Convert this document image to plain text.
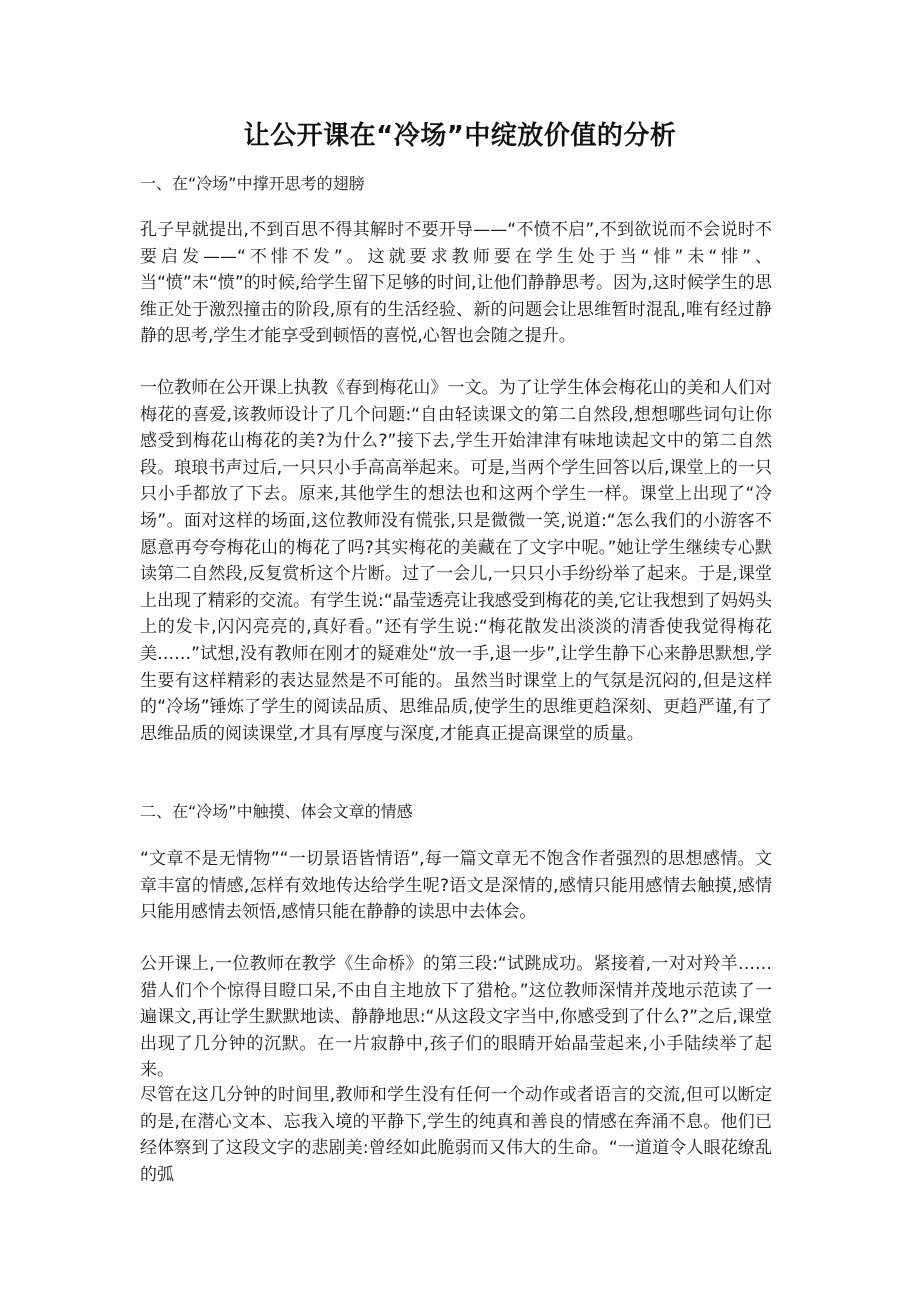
让公开课在“冷场”中绽放价值的分析

一、在“冷场”中撑开思考的翅膀

孔子早就提出,不到百思不得其解时不要开导——“不愤不启”,不到欲说而不会说时不要启发——“不悱不发”。这就要求教师要在学生处于当“悱”未“悱”、当“愤”未“愤”的时候,给学生留下足够的时间,让他们静静思考。因为,这时候学生的思维正处于激烈撞击的阶段,原有的生活经验、新的问题会让思维暂时混乱,唯有经过静静的思考,学生才能享受到顿悟的喜悦,心智也会随之提升。

一位教师在公开课上执教《春到梅花山》一文。为了让学生体会梅花山的美和人们对梅花的喜爱,该教师设计了几个问题:“自由轻读课文的第二自然段,想想哪些词句让你感受到梅花山梅花的美?为什么?”接下去,学生开始津津有味地读起文中的第二自然段。琅琅书声过后,一只只小手高高举起来。可是,当两个学生回答以后,课堂上的一只只小手都放了下去。原来,其他学生的想法也和这两个学生一样。课堂上出现了“冷场”。面对这样的场面,这位教师没有慌张,只是微微一笑,说道:“怎么我们的小游客不愿意再夸夸梅花山的梅花了吗?其实梅花的美藏在了文字中呢。”她让学生继续专心默读第二自然段,反复赏析这个片断。过了一会儿,一只只小手纷纷举了起来。于是,课堂上出现了精彩的交流。有学生说:“晶莹透亮让我感受到梅花的美,它让我想到了妈妈头上的发卡,闪闪亮亮的,真好看。”还有学生说:“梅花散发出淡淡的清香使我觉得梅花美……”试想,没有教师在刚才的疑难处“放一手,退一步”,让学生静下心来静思默想,学生要有这样精彩的表达显然是不可能的。虽然当时课堂上的气氛是沉闷的,但是这样的“冷场”锤炼了学生的阅读品质、思维品质,使学生的思维更趋深刻、更趋严谨,有了思维品质的阅读课堂,才具有厚度与深度,才能真正提高课堂的质量。

二、在“冷场”中触摸、体会文章的情感

“文章不是无情物”“一切景语皆情语”,每一篇文章无不饱含作者强烈的思想感情。文章丰富的情感,怎样有效地传达给学生呢?语文是深情的,感情只能用感情去触摸,感情只能用感情去领悟,感情只能在静静的读思中去体会。

公开课上,一位教师在教学《生命桥》的第三段:“试跳成功。紧接着,一对对羚羊……猎人们个个惊得目瞪口呆,不由自主地放下了猎枪。”这位教师深情并茂地示范读了一遍课文,再让学生默默地读、静静地思:“从这段文字当中,你感受到了什么?”之后,课堂出现了几分钟的沉默。在一片寂静中,孩子们的眼睛开始晶莹起来,小手陆续举了起来。

尽管在这几分钟的时间里,教师和学生没有任何一个动作或者语言的交流,但可以断定的是,在潜心文本、忘我入境的平静下,学生的纯真和善良的情感在奔涌不息。他们已经体察到了这段文字的悲剧美:曾经如此脆弱而又伟大的生命。“一道道令人眼花缭乱的弧
